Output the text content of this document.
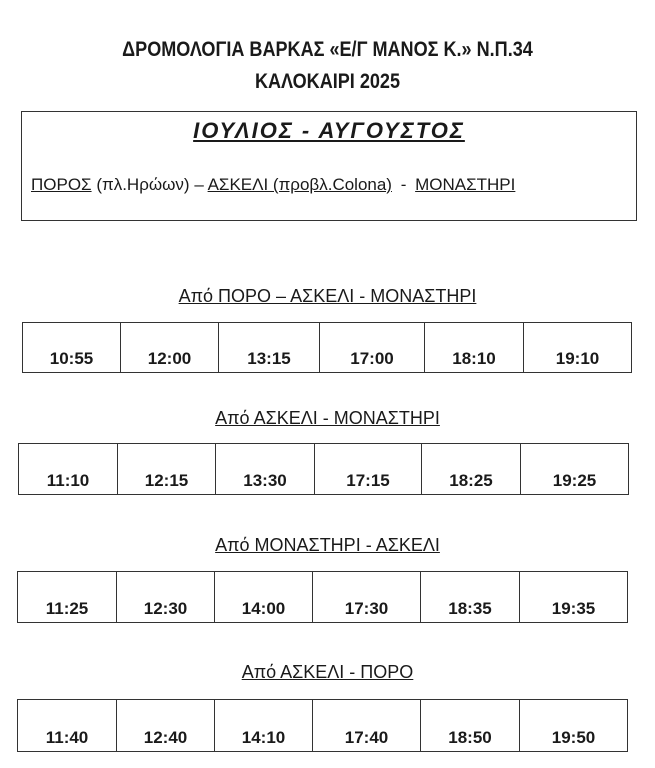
ΔΡΟΜΟΛΟΓΙΑ ΒΑΡΚΑΣ «Ε/Γ ΜΑΝΟΣ Κ.» Ν.Π.34
ΚΑΛΟΚΑΙΡΙ 2025
ΙΟΥΛΙΟΣ - ΑΥΓΟΥΣΤΟΣ
ΠΟΡΟΣ (πλ.Ηρώων) – ΑΣΚΕΛΙ (προβλ.Colona) - ΜΟΝΑΣΤΗΡΙ
Από ΠΟΡΟ – ΑΣΚΕΛΙ - ΜΟΝΑΣΤΗΡΙ
10:55	12:00	13:15	17:00	18:10	19:10
Από ΑΣΚΕΛΙ - ΜΟΝΑΣΤΗΡΙ
11:10	12:15	13:30	17:15	18:25	19:25
Από ΜΟΝΑΣΤΗΡΙ - ΑΣΚΕΛΙ
11:25	12:30	14:00	17:30	18:35	19:35
Από ΑΣΚΕΛΙ - ΠΟΡΟ
11:40	12:40	14:10	17:40	18:50	19:50
